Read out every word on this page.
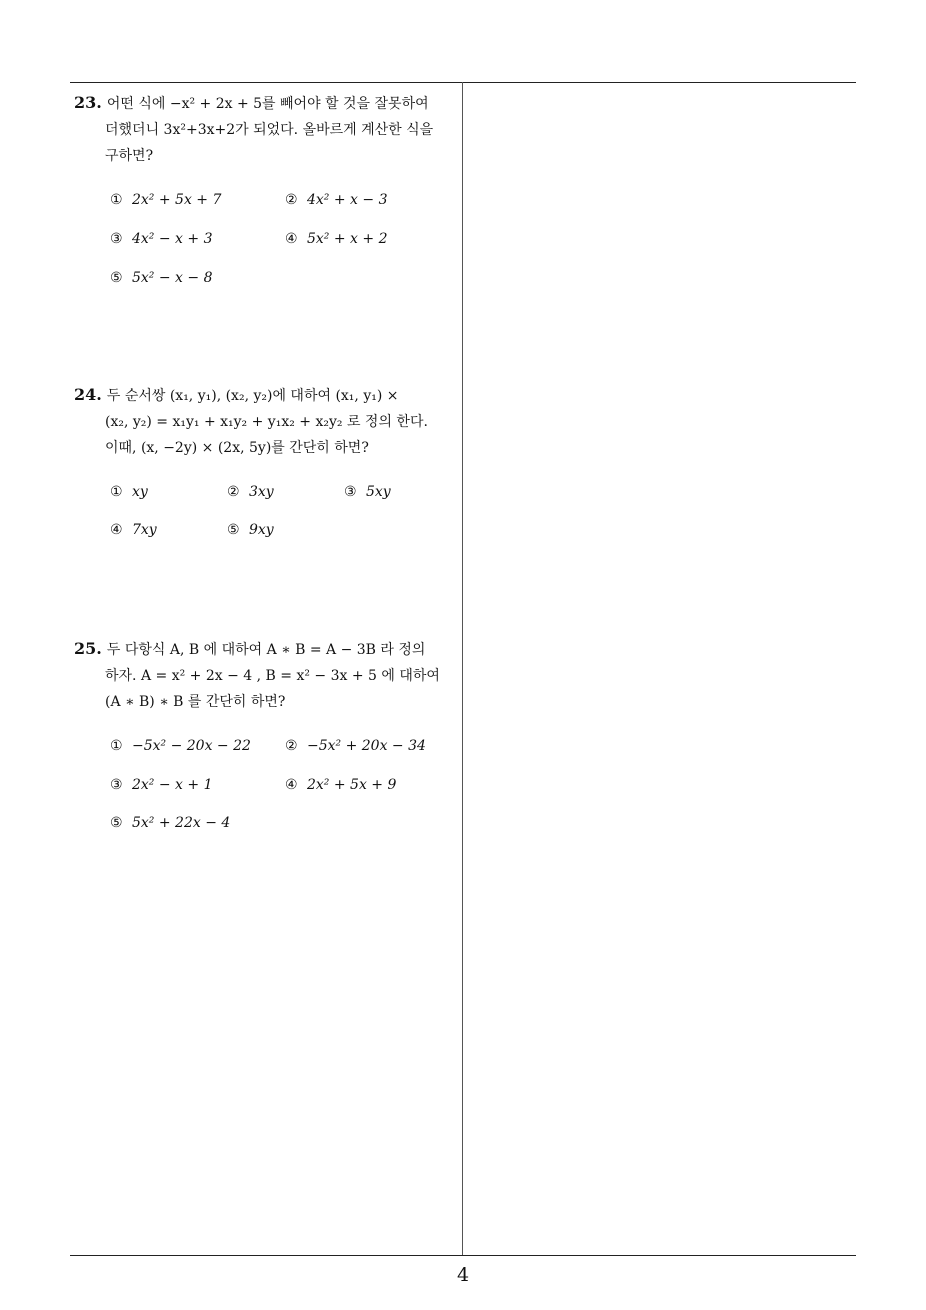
23. 어떤 식에 −x² + 2x + 5를 빼어야 할 것을 잘못하여
더했더니 3x²+3x+2가 되었다. 올바르게 계산한 식을
구하면?
① 2x² + 5x + 7	② 4x² + x − 3
③ 4x² − x + 3	④ 5x² + x + 2
⑤ 5x² − x − 8
24. 두 순서쌍 (x₁, y₁), (x₂, y₂)에 대하여 (x₁, y₁) ×
(x₂, y₂) = x₁y₁ + x₁y₂ + y₁x₂ + x₂y₂ 로 정의 한다.
이때, (x, −2y) × (2x, 5y)를 간단히 하면?
① xy	② 3xy	③ 5xy
④ 7xy	⑤ 9xy
25. 두 다항식 A, B 에 대하여 A ∗ B = A − 3B 라 정의
하자. A = x² + 2x − 4 , B = x² − 3x + 5 에 대하여
(A ∗ B) ∗ B 를 간단히 하면?
① −5x² − 20x − 22 ② −5x² + 20x − 34
③ 2x² − x + 1	④ 2x² + 5x + 9
⑤ 5x² + 22x − 4
4
